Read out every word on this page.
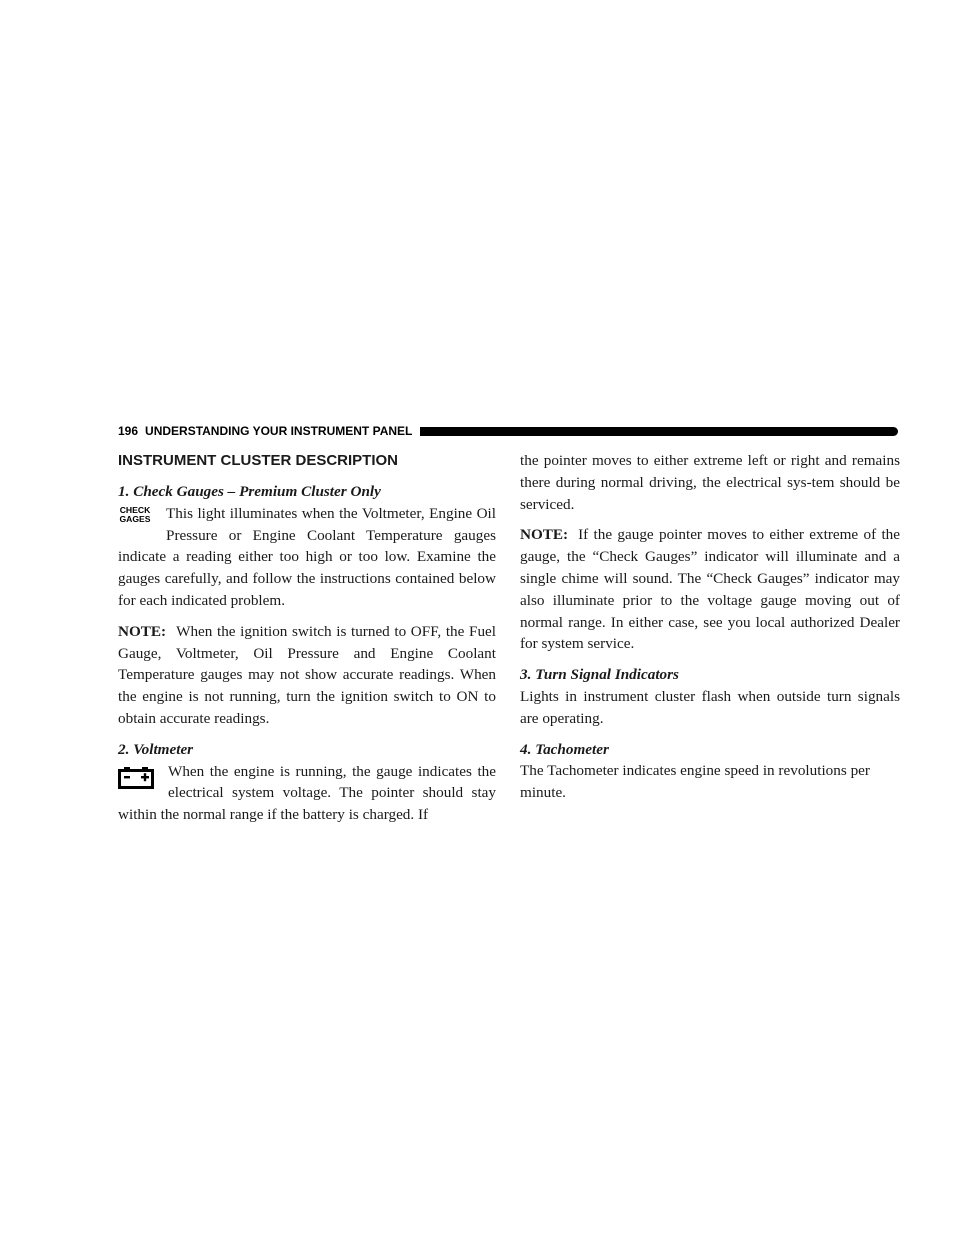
196 UNDERSTANDING YOUR INSTRUMENT PANEL
INSTRUMENT CLUSTER DESCRIPTION

1. Check Gauges – Premium Cluster Only

CHECK
GAGES This light illuminates when the Voltmeter, Engine Oil Pressure or Engine Coolant Temperature gauges indicate a reading either too high or too low. Examine the gauges carefully, and follow the instructions contained below for each indicated problem.

NOTE: When the ignition switch is turned to OFF, the Fuel Gauge, Voltmeter, Oil Pressure and Engine Coolant Temperature gauges may not show accurate readings. When the engine is not running, turn the ignition switch to ON to obtain accurate readings.

2. Voltmeter

When the engine is running, the gauge indicates the electrical system voltage. The pointer should stay within the normal range if the battery is charged. If

the pointer moves to either extreme left or right and remains there during normal driving, the electrical sys-tem should be serviced.

NOTE: If the gauge pointer moves to either extreme of the gauge, the “Check Gauges” indicator will illuminate and a single chime will sound. The “Check Gauges” indicator may also illuminate prior to the voltage gauge moving out of normal range. In either case, see you local authorized Dealer for system service.

3. Turn Signal Indicators

Lights in instrument cluster flash when outside turn signals are operating.

4. Tachometer

The Tachometer indicates engine speed in revolutions per minute.
